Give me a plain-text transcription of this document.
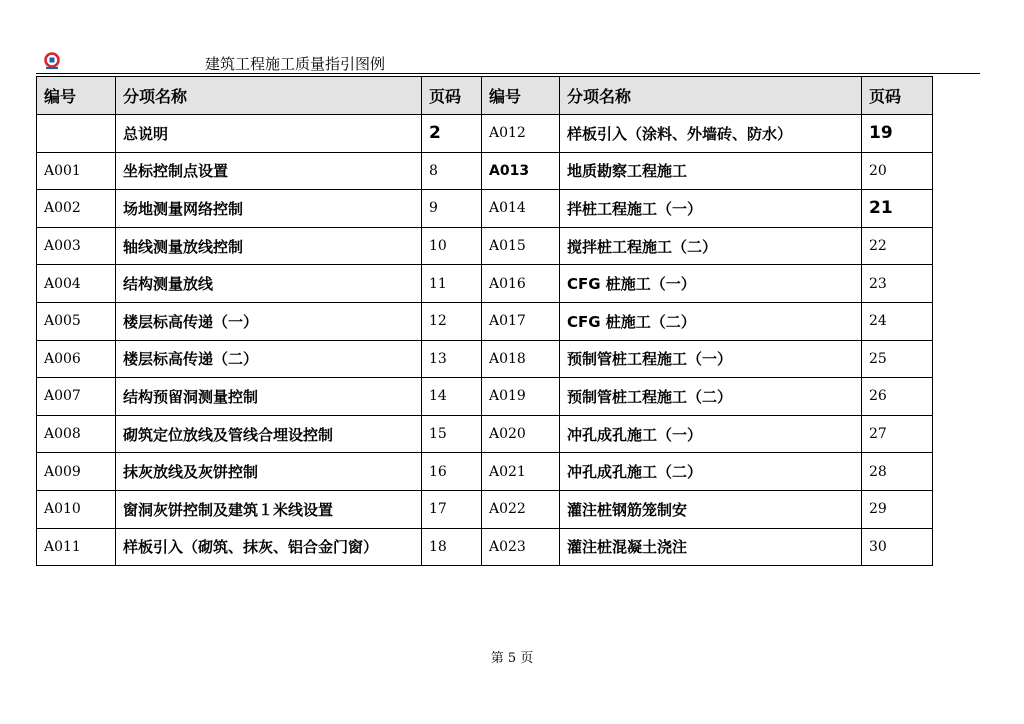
建筑工程施工质量指引图例
编号	分项名称	页码	编号	分项名称	页码
	总说明	2	A012	样板引入（涂料、外墙砖、防水）	19
A001	坐标控制点设置	8	A013	地质勘察工程施工	20
A002	场地测量网络控制	9	A014	拌桩工程施工（一）	21
A003	轴线测量放线控制	10	A015	搅拌桩工程施工（二）	22
A004	结构测量放线	11	A016	CFG 桩施工（一）	23
A005	楼层标高传递（一）	12	A017	CFG 桩施工（二）	24
A006	楼层标高传递（二）	13	A018	预制管桩工程施工（一）	25
A007	结构预留洞测量控制	14	A019	预制管桩工程施工（二）	26
A008	砌筑定位放线及管线合埋设控制	15	A020	冲孔成孔施工（一）	27
A009	抹灰放线及灰饼控制	16	A021	冲孔成孔施工（二）	28
A010	窗洞灰饼控制及建筑１米线设置	17	A022	灌注桩钢筋笼制安	29
A011	样板引入（砌筑、抹灰、铝合金门窗）	18	A023	灌注桩混凝土浇注	30
第 5 页
